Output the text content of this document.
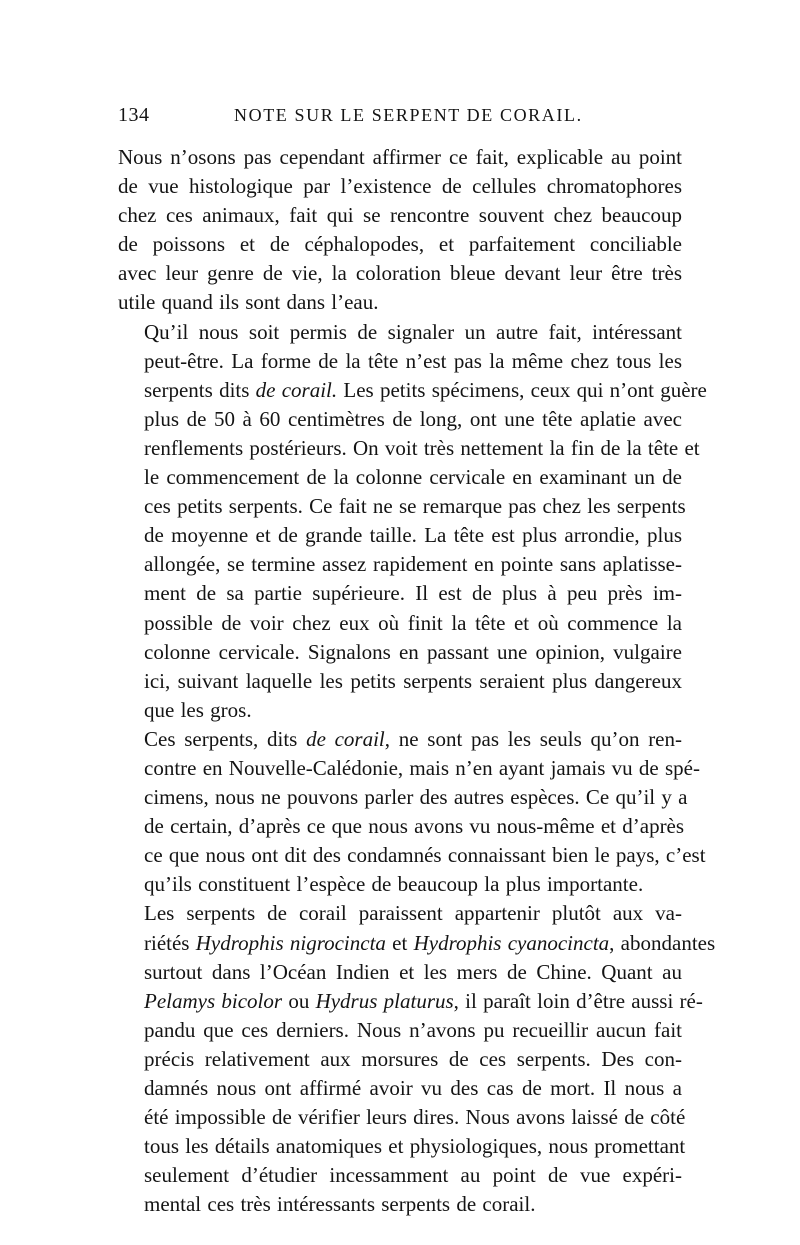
134	NOTE SUR LE SERPENT DE CORAIL.
Nous n’osons pas cependant affirmer ce fait, explicable au point
de vue histologique par l’existence de cellules chromatophores
chez ces animaux, fait qui se rencontre souvent chez beaucoup
de poissons et de céphalopodes, et parfaitement conciliable
avec leur genre de vie, la coloration bleue devant leur être très
utile quand ils sont dans l’eau.
Qu’il nous soit permis de signaler un autre fait, intéressant
peut-être. La forme de la tête n’est pas la même chez tous les
serpents dits de corail. Les petits spécimens, ceux qui n’ont guère
plus de 50 à 60 centimètres de long, ont une tête aplatie avec
renflements postérieurs. On voit très nettement la fin de la tête et
le commencement de la colonne cervicale en examinant un de
ces petits serpents. Ce fait ne se remarque pas chez les serpents
de moyenne et de grande taille. La tête est plus arrondie, plus
allongée, se termine assez rapidement en pointe sans aplatisse-
ment de sa partie supérieure. Il est de plus à peu près im-
possible de voir chez eux où finit la tête et où commence la
colonne cervicale. Signalons en passant une opinion, vulgaire
ici, suivant laquelle les petits serpents seraient plus dangereux
que les gros.
Ces serpents, dits de corail, ne sont pas les seuls qu’on ren-
contre en Nouvelle-Calédonie, mais n’en ayant jamais vu de spé-
cimens, nous ne pouvons parler des autres espèces. Ce qu’il y a
de certain, d’après ce que nous avons vu nous-même et d’après
ce que nous ont dit des condamnés connaissant bien le pays, c’est
qu’ils constituent l’espèce de beaucoup la plus importante.
Les serpents de corail paraissent appartenir plutôt aux va-
riétés Hydrophis nigrocincta et Hydrophis cyanocincta, abondantes
surtout dans l’Océan Indien et les mers de Chine. Quant au
Pelamys bicolor ou Hydrus platurus, il paraît loin d’être aussi ré-
pandu que ces derniers. Nous n’avons pu recueillir aucun fait
précis relativement aux morsures de ces serpents. Des con-
damnés nous ont affirmé avoir vu des cas de mort. Il nous a
été impossible de vérifier leurs dires. Nous avons laissé de côté
tous les détails anatomiques et physiologiques, nous promettant
seulement d’étudier incessamment au point de vue expéri-
mental ces très intéressants serpents de corail.
